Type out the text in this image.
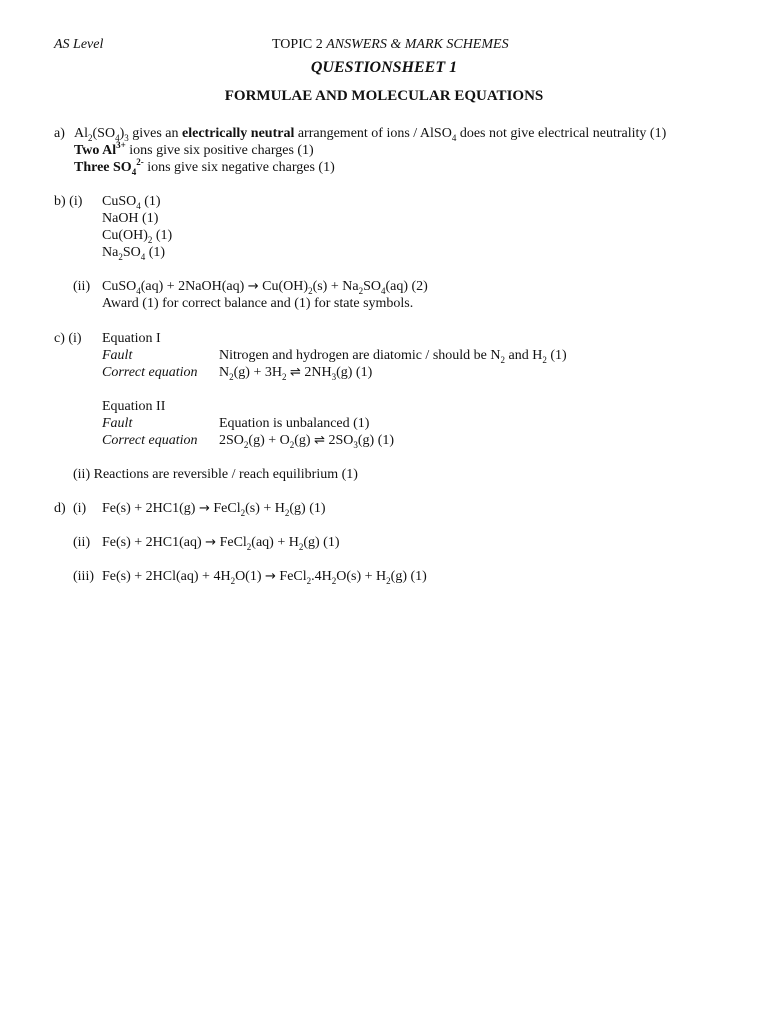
AS Level	TOPIC 2 ANSWERS & MARK SCHEMES
QUESTIONSHEET 1
FORMULAE AND MOLECULAR EQUATIONS
a) $Al_2(SO_4)_3$ gives an electrically neutral arrangement of ions / AlSO$_4$ does not give electrical neutrality (1)
Two $Al^{3+}$ ions give six positive charges (1)
Three $SO_4^{2-}$ ions give six negative charges (1)
b) (i) CuSO$_4$ (1)
NaOH (1)
$Cu(OH)_2$ (1)
$Na_2SO_4$ (1)
(ii) CuSO$_4$(aq) + 2NaOH(aq) → $Cu(OH)_2(s) + Na_2SO_4(aq)$ (2)
Award (1) for correct balance and (1) for state symbols.
c) (i) Equation I
Fault	Nitrogen and hydrogen are diatomic / should be $N_2$ and $H_2$ (1)
Correct equation $N_2(g) + 3H_2$ ⇌ $2NH_3(g)$ (1)
Equation II
Fault	Equation is unbalanced (1)
Correct equation $2SO_2(g) + O_2(g)$ ⇌ $2SO_3(g)$ (1)
(ii) Reactions are reversible / reach equilibrium (1)
d) (i) Fe(s) + 2HC1(g) → FeCl$_2$(s) + $H_2(g)$ (1)
(ii) Fe(s) + 2HC1(aq) → FeCl$_2$(aq) + $H_2(g)$ (1)
(iii) $Fe(s) + 2HCl(aq) + 4H_2O(1)$ → $FeCl_2.4H_2O(s) + H_2(g)$ (1)
